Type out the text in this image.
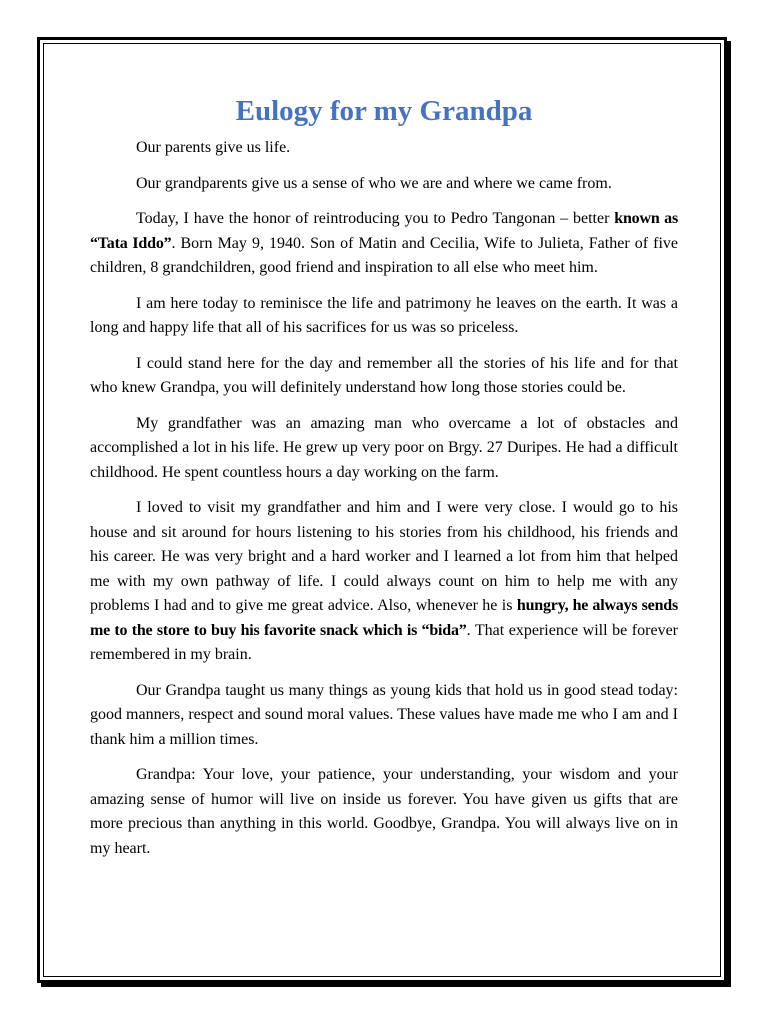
Eulogy for my Grandpa

Our parents give us life.

Our grandparents give us a sense of who we are and where we came from.

Today, I have the honor of reintroducing you to Pedro Tangonan – better known as “Tata Iddo”. Born May 9, 1940. Son of Matin and Cecilia, Wife to Julieta, Father of five children, 8 grandchildren, good friend and inspiration to all else who meet him.

I am here today to reminisce the life and patrimony he leaves on the earth. It was a long and happy life that all of his sacrifices for us was so priceless.

I could stand here for the day and remember all the stories of his life and for that who knew Grandpa, you will definitely understand how long those stories could be.

My grandfather was an amazing man who overcame a lot of obstacles and accomplished a lot in his life. He grew up very poor on Brgy. 27 Duripes. He had a difficult childhood. He spent countless hours a day working on the farm.

I loved to visit my grandfather and him and I were very close. I would go to his house and sit around for hours listening to his stories from his childhood, his friends and his career. He was very bright and a hard worker and I learned a lot from him that helped me with my own pathway of life. I could always count on him to help me with any problems I had and to give me great advice. Also, whenever he is hungry, he always sends me to the store to buy his favorite snack which is “bida”. That experience will be forever remembered in my brain.

Our Grandpa taught us many things as young kids that hold us in good stead today: good manners, respect and sound moral values. These values have made me who I am and I thank him a million times.

Grandpa: Your love, your patience, your understanding, your wisdom and your amazing sense of humor will live on inside us forever. You have given us gifts that are more precious than anything in this world. Goodbye, Grandpa. You will always live on in my heart.
